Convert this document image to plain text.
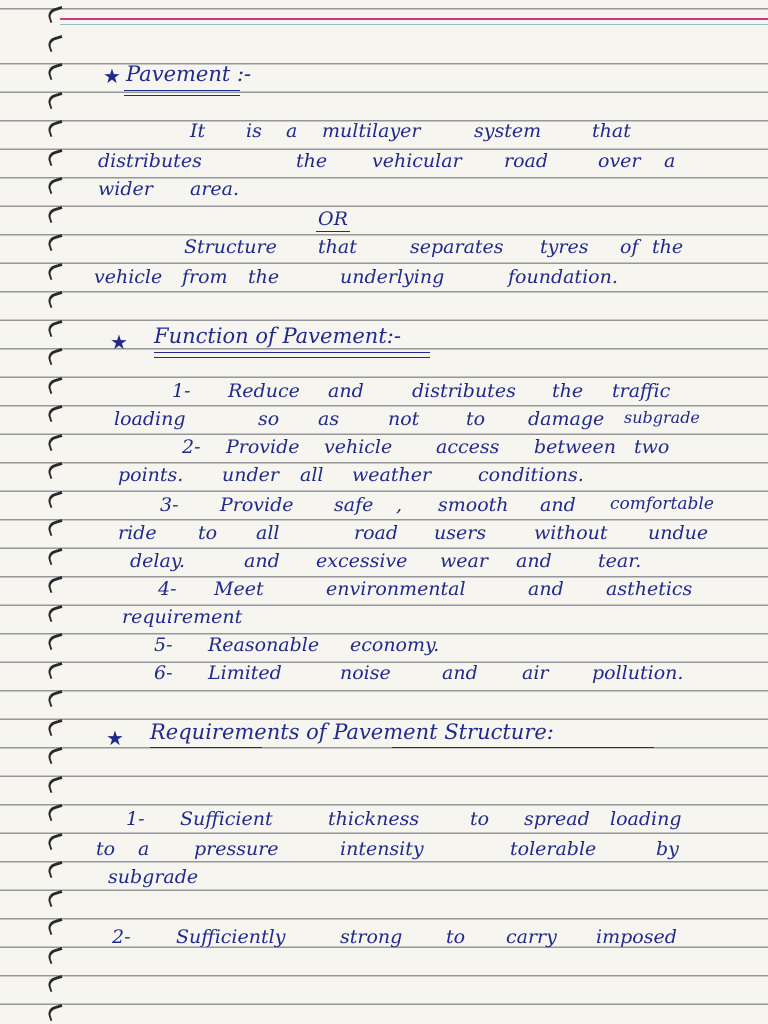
★ Pavement :-
It is a multilayer	system	that
distributes	the vehicular road	over a
wider area.
OR
Structure that	separates tyres of the
vehicle from the	underlying	foundation.
★ Function of Pavement:-
1- Reduce and	distributes the traffic
loading	so as	not to damage subgrade
2- Provide vehicle access between two
points. under all weather conditions.
3- Provide safe , smooth and comfortable
ride to all	road users	without undue
delay.	and excessive wear and tear.
4- Meet	environmental	and asthetics
requirement
5- Reasonable economy.
6- Limited	noise	and air pollution.
★ Requirements of Pavement Structure:
1- Sufficient	thickness	to spread loading
to a pressure	intensity	tolerable	by
subgrade
2- Sufficiently	strong to carry imposed
